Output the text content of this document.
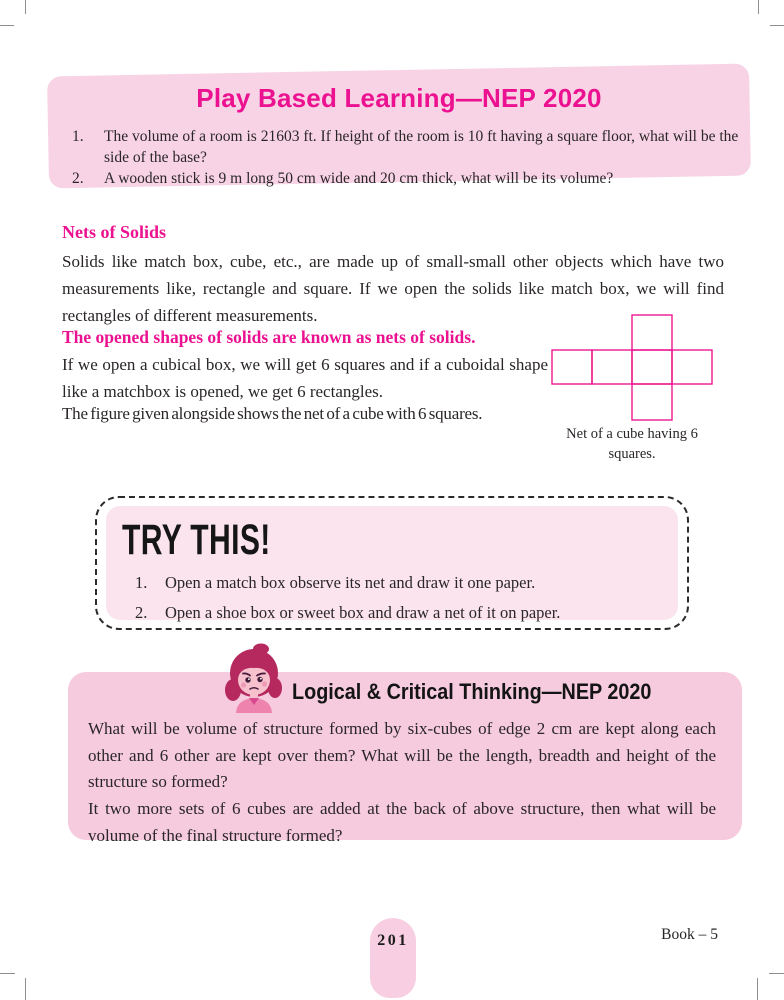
Play Based Learning—NEP 2020
1. The volume of a room is 21603 ft. If height of the room is 10 ft having a square floor, what will be the side of the base?
2. A wooden stick is 9 m long 50 cm wide and 20 cm thick, what will be its volume?
Nets of Solids
Solids like match box, cube, etc., are made up of small-small other objects which have two measurements like, rectangle and square. If we open the solids like match box, we will find rectangles of different measurements.
The opened shapes of solids are known as nets of solids.
If we open a cubical box, we will get 6 squares and if a cuboidal shape like a matchbox is opened, we get 6 rectangles.
The figure given alongside shows the net of a cube with 6 squares.
Net of a cube having 6 squares.
TRY THIS!
1. Open a match box observe its net and draw it one paper.
2. Open a shoe box or sweet box and draw a net of it on paper.
Logical & Critical Thinking—NEP 2020
What will be volume of structure formed by six-cubes of edge 2 cm are kept along each other and 6 other are kept over them? What will be the length, breadth and height of the structure so formed?
It two more sets of 6 cubes are added at the back of above structure, then what will be volume of the final structure formed?
201	Book – 5
